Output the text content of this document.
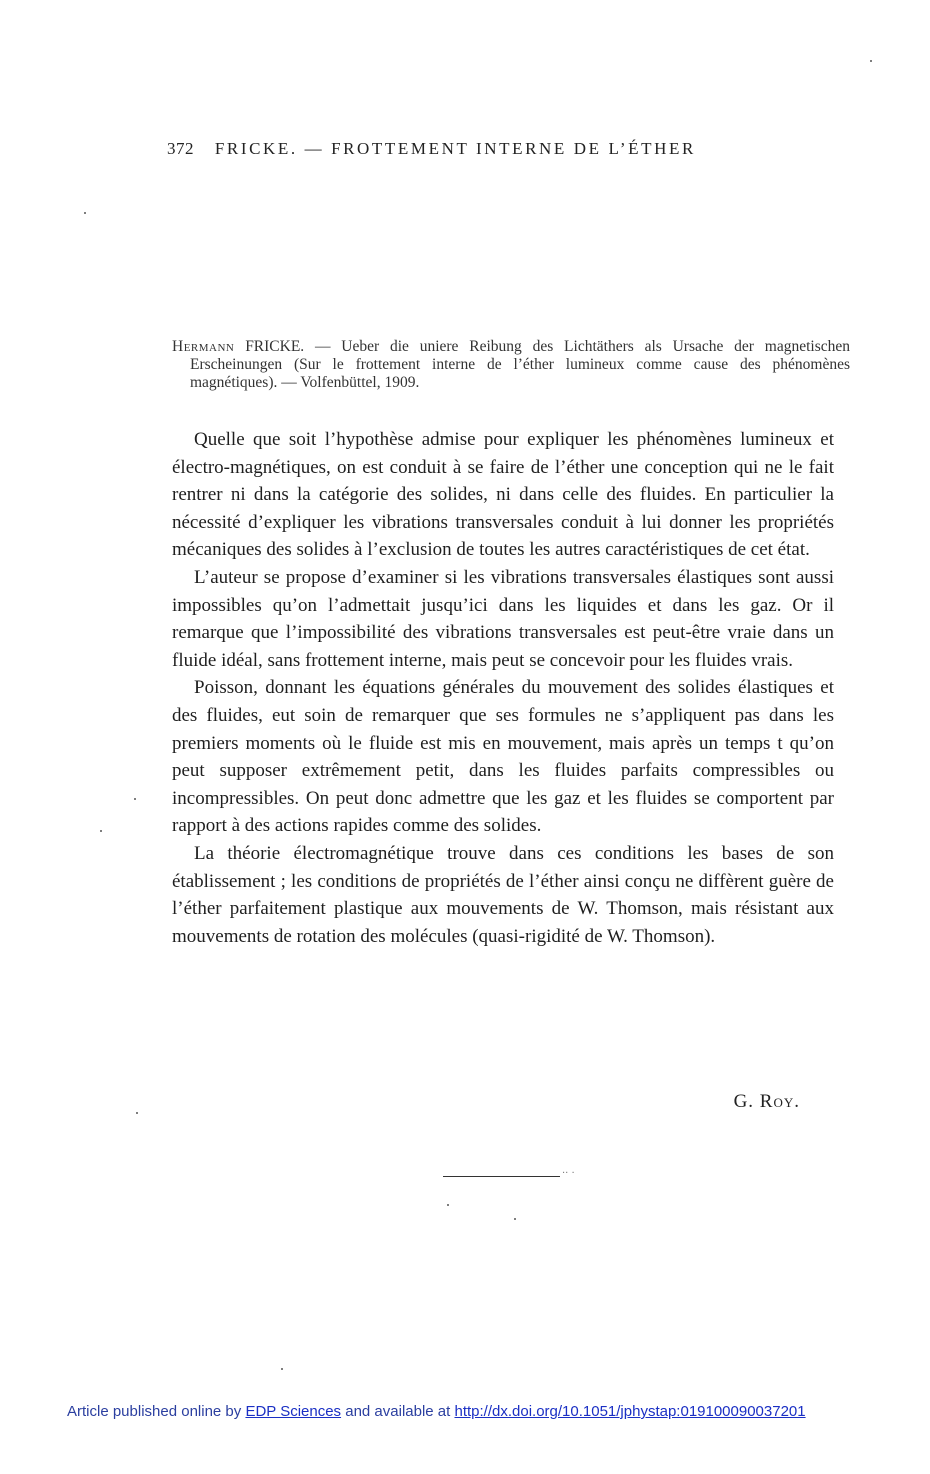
372 FRICKE. — FROTTEMENT INTERNE DE L’ÉTHER
Hermann FRICKE. — Ueber die uniere Reibung des Lichtäthers als Ursache der magnetischen Erscheinungen (Sur le frottement interne de l’éther lumineux comme cause des phénomènes magnétiques). — Volfenbüttel, 1909.

Quelle que soit l’hypothèse admise pour expliquer les phénomènes lumineux et électro-magnétiques, on est conduit à se faire de l’éther une conception qui ne le fait rentrer ni dans la catégorie des solides, ni dans celle des fluides. En particulier la nécessité d’expliquer les vibrations transversales conduit à lui donner les propriétés mécaniques des solides à l’exclusion de toutes les autres caractéristiques de cet état.

L’auteur se propose d’examiner si les vibrations transversales élastiques sont aussi impossibles qu’on l’admettait jusqu’ici dans les liquides et dans les gaz. Or il remarque que l’impossibilité des vibrations transversales est peut-être vraie dans un fluide idéal, sans frottement interne, mais peut se concevoir pour les fluides vrais.

Poisson, donnant les équations générales du mouvement des solides élastiques et des fluides, eut soin de remarquer que ses formules ne s’appliquent pas dans les premiers moments où le fluide est mis en mouvement, mais après un temps t qu’on peut supposer extrêmement petit, dans les fluides parfaits compressibles ou incompressibles. On peut donc admettre que les gaz et les fluides se comportent par rapport à des actions rapides comme des solides.

La théorie électromagnétique trouve dans ces conditions les bases de son établissement ; les conditions de propriétés de l’éther ainsi conçu ne diffèrent guère de l’éther parfaitement plastique aux mouvements de W. Thomson, mais résistant aux mouvements de rotation des molécules (quasi-rigidité de W. Thomson).

G. Roy.
·· ·
Article published online by EDP Sciences and available at http://dx.doi.org/10.1051/jphystap:019100090037201
